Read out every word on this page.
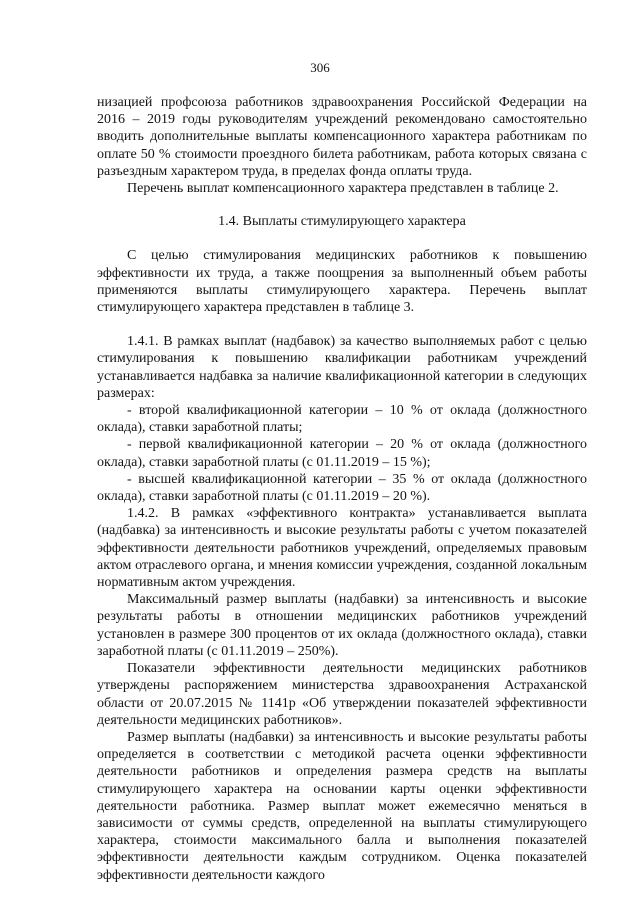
306

низацией профсоюза работников здравоохранения Российской Федерации на 2016 – 2019 годы руководителям учреждений рекомендовано самостоятельно вводить дополнительные выплаты компенсационного характера работникам по оплате 50 % стоимости проездного билета работникам, работа которых связана с разъездным характером труда, в пределах фонда оплаты труда.

Перечень выплат компенсационного характера представлен в таблице 2.

1.4. Выплаты стимулирующего характера

С целью стимулирования медицинских работников к повышению эффективности их труда, а также поощрения за выполненный объем работы применяются выплаты стимулирующего характера. Перечень выплат стимулирующего характера представлен в таблице 3.

1.4.1. В рамках выплат (надбавок) за качество выполняемых работ с целью стимулирования к повышению квалификации работникам учреждений устанавливается надбавка за наличие квалификационной категории в следующих размерах:

- второй квалификационной категории – 10 % от оклада (должностного оклада), ставки заработной платы;

- первой квалификационной категории – 20 % от оклада (должностного оклада), ставки заработной платы (с 01.11.2019 – 15 %);

- высшей квалификационной категории – 35 % от оклада (должностного оклада), ставки заработной платы (с 01.11.2019 – 20 %).

1.4.2. В рамках «эффективного контракта» устанавливается выплата (надбавка) за интенсивность и высокие результаты работы с учетом показателей эффективности деятельности работников учреждений, определяемых правовым актом отраслевого органа, и мнения комиссии учреждения, созданной локальным нормативным актом учреждения.

Максимальный размер выплаты (надбавки) за интенсивность и высокие результаты работы в отношении медицинских работников учреждений установлен в размере 300 процентов от их оклада (должностного оклада), ставки заработной платы (с 01.11.2019 – 250%).

Показатели эффективности деятельности медицинских работников утверждены распоряжением министерства здравоохранения Астраханской области от 20.07.2015 № 1141р «Об утверждении показателей эффективности деятельности медицинских работников».

Размер выплаты (надбавки) за интенсивность и высокие результаты работы определяется в соответствии с методикой расчета оценки эффективности деятельности работников и определения размера средств на выплаты стимулирующего характера на основании карты оценки эффективности деятельности работника. Размер выплат может ежемесячно меняться в зависимости от суммы средств, определенной на выплаты стимулирующего характера, стоимости максимального балла и выполнения показателей эффективности деятельности каждым сотрудником. Оценка показателей эффективности деятельности каждого
